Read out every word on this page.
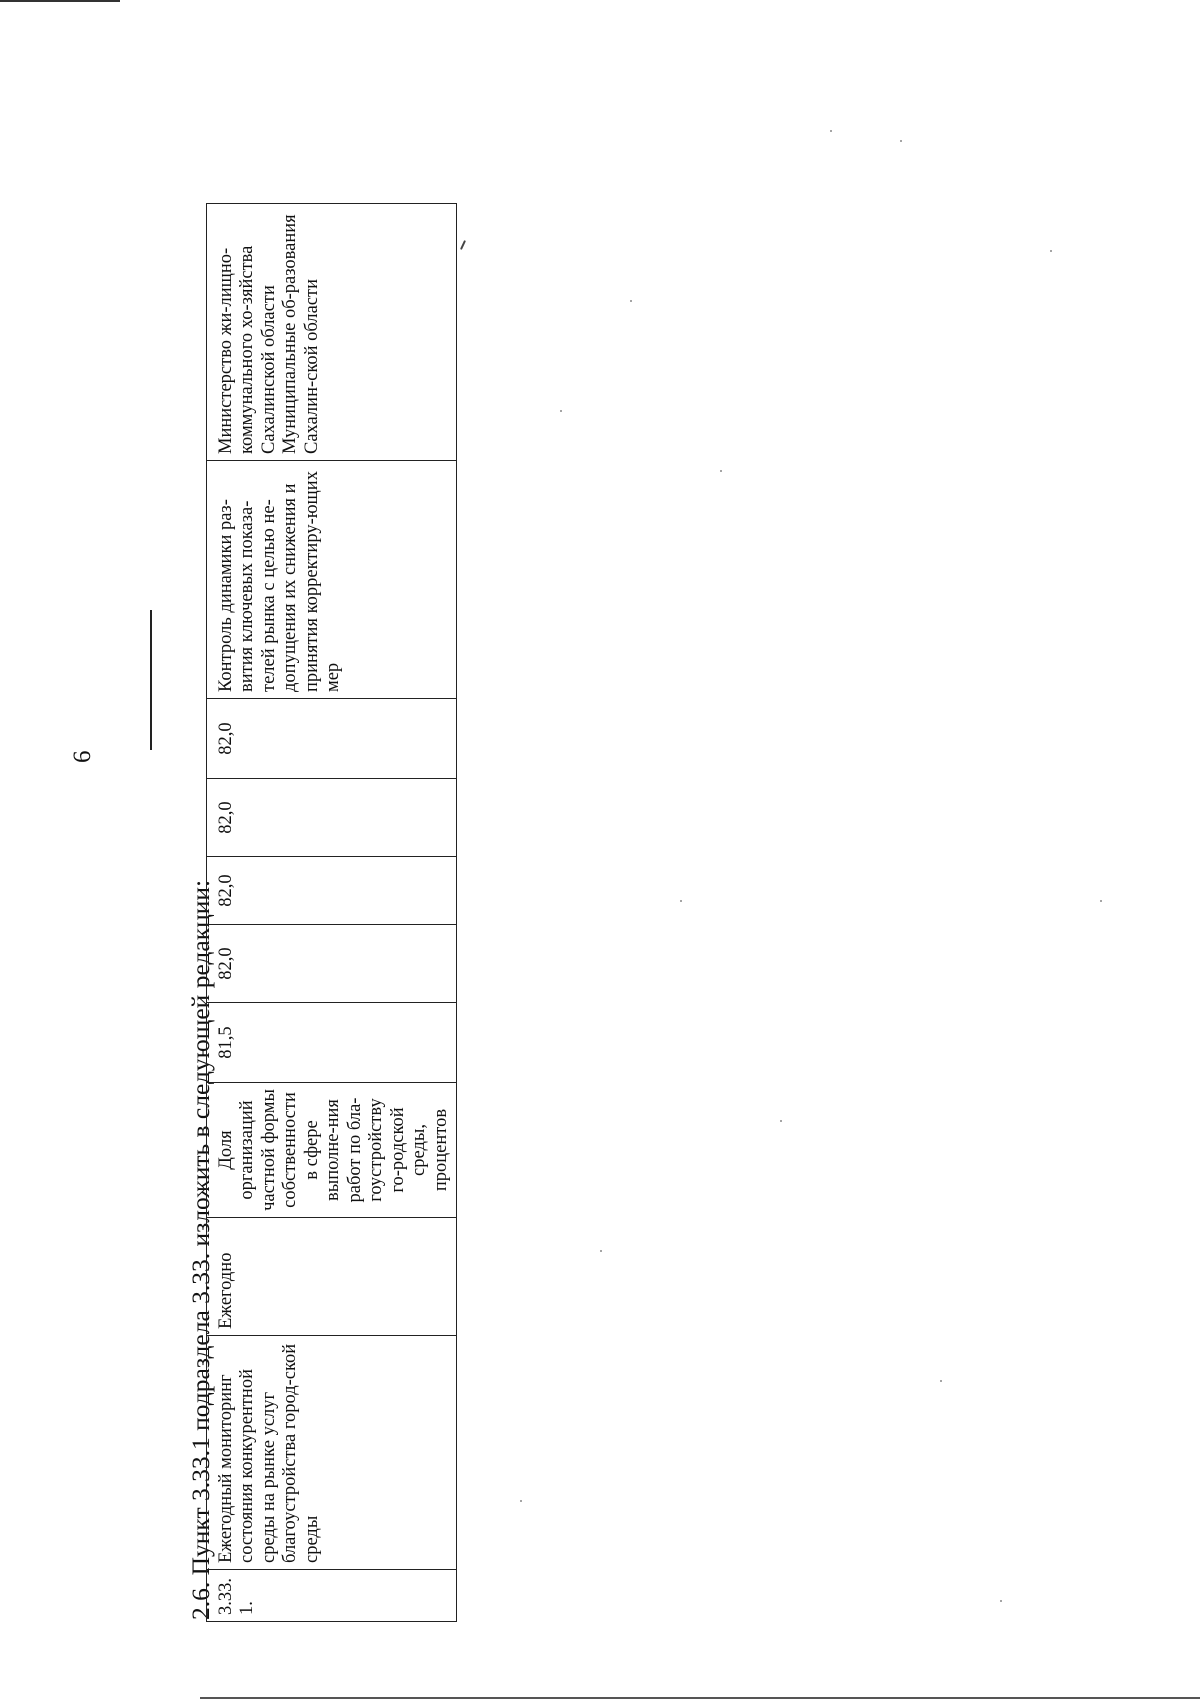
6
2.6. Пункт 3.33.1 подраздела 3.33. изложить в следующей редакции: 3.33.1.	Ежегодный мониторинг состояния конкурентной среды на рынке услуг благоустройства город-ской среды	Ежегодно	Доля организаций частной формы собственности в сфере выполне-ния работ по бла-гоустройству го-родской среды, процентов	81,5	82,0	82,0	82,0	82,0	Контроль динамики раз-вития ключевых показа-телей рынка с целью не-допущения их снижения и принятия корректиру-ющих мер	Министерство жи-лищно-коммунального хо-зяйства Сахалинской области Муниципальные об-разования Сахалин-ской области
